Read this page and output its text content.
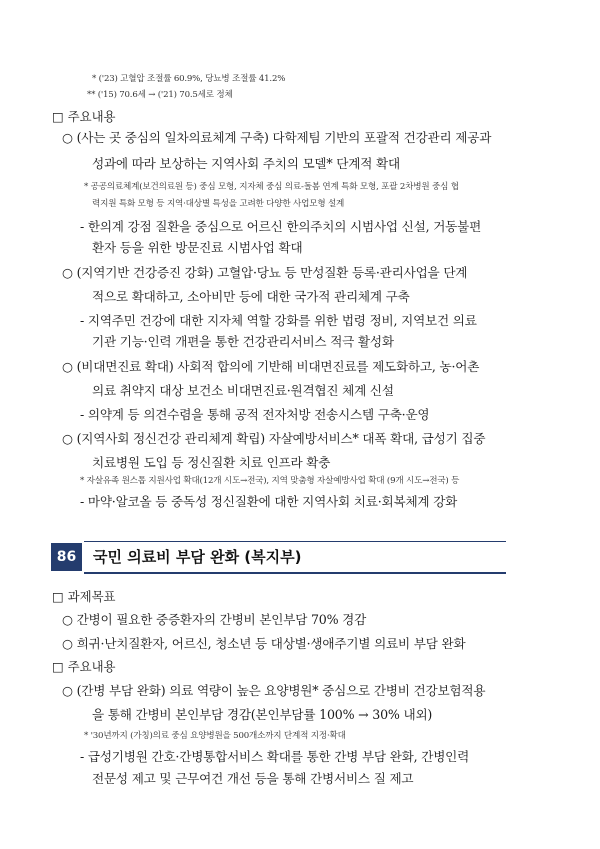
* ('23) 고혈압 조절률 60.9%, 당뇨병 조절률 41.2%
** ('15) 70.6세 → ('21) 70.5세로 정체
□ 주요내용
○ (사는 곳 중심의 일차의료체계 구축) 다학제팀 기반의 포괄적 건강관리 제공과
성과에 따라 보상하는 지역사회 주치의 모델* 단계적 확대
* 공공의료체계(보건의료원 등) 중심 모형, 지자체 중심 의료-돌봄 연계 특화 모형, 포괄 2차병원 중심 협
력지원 특화 모형 등 지역·대상별 특성을 고려한 다양한 사업모형 설계
- 한의계 강점 질환을 중심으로 어르신 한의주치의 시범사업 신설, 거동불편
환자 등을 위한 방문진료 시범사업 확대
○ (지역기반 건강증진 강화) 고혈압·당뇨 등 만성질환 등록·관리사업을 단계
적으로 확대하고, 소아비만 등에 대한 국가적 관리체계 구축
- 지역주민 건강에 대한 지자체 역할 강화를 위한 법령 정비, 지역보건 의료
기관 기능·인력 개편을 통한 건강관리서비스 적극 활성화
○ (비대면진료 확대) 사회적 합의에 기반해 비대면진료를 제도화하고, 농·어촌
의료 취약지 대상 보건소 비대면진료·원격협진 체계 신설
- 의약계 등 의견수렴을 통해 공적 전자처방 전송시스템 구축·운영
○ (지역사회 정신건강 관리체계 확립) 자살예방서비스* 대폭 확대, 급성기 집중
치료병원 도입 등 정신질환 치료 인프라 확충
* 자살유족 원스톱 지원사업 확대(12개 시도→전국), 지역 맞춤형 자살예방사업 확대 (9개 시도→전국) 등
- 마약·알코올 등 중독성 정신질환에 대한 지역사회 치료·회복체계 강화
86	국민 의료비 부담 완화 (복지부)
□ 과제목표
○ 간병이 필요한 중증환자의 간병비 본인부담 70% 경감
○ 희귀·난치질환자, 어르신, 청소년 등 대상별·생애주기별 의료비 부담 완화
□ 주요내용
○ (간병 부담 완화) 의료 역량이 높은 요양병원* 중심으로 간병비 건강보험적용
을 통해 간병비 본인부담 경감(본인부담률 100% → 30% 내외)
* '30년까지 (가칭)의료 중심 요양병원을 500개소까지 단계적 지정·확대
- 급성기병원 간호·간병통합서비스 확대를 통한 간병 부담 완화, 간병인력
전문성 제고 및 근무여건 개선 등을 통해 간병서비스 질 제고
